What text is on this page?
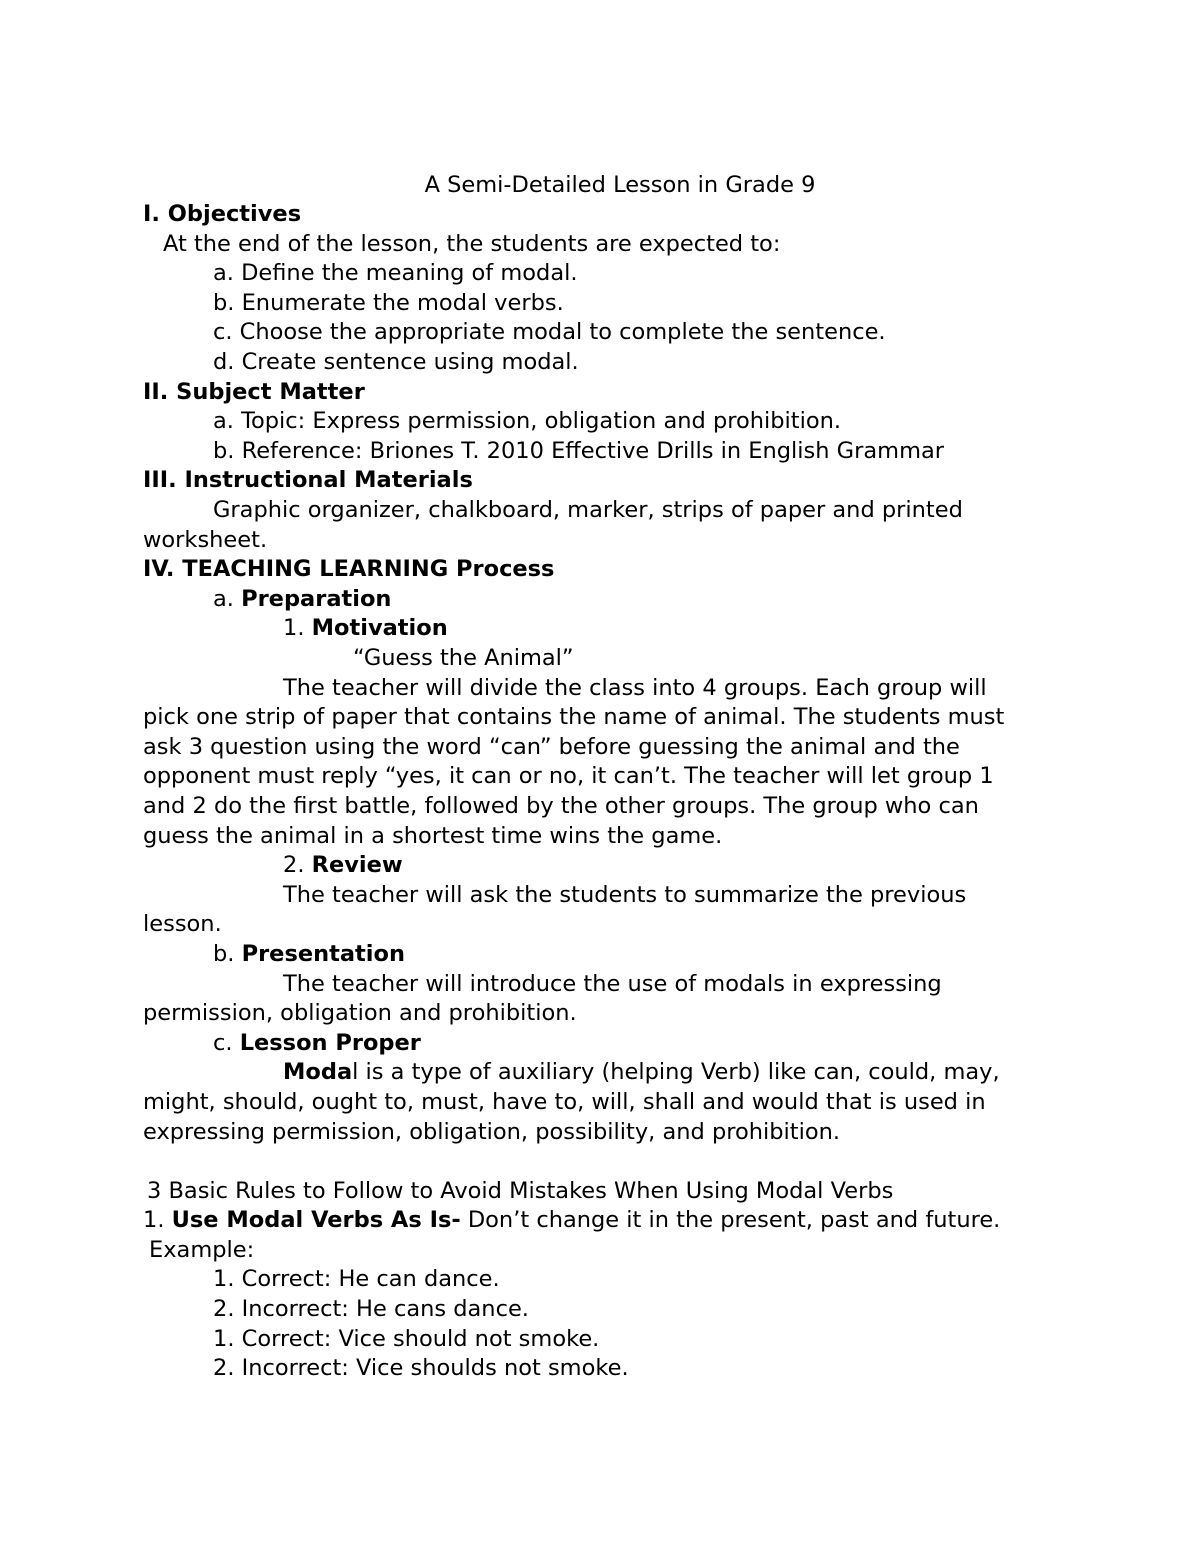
A Semi-Detailed Lesson in Grade 9

I. Objectives

At the end of the lesson, the students are expected to:

a. Define the meaning of modal.

b. Enumerate the modal verbs.

c. Choose the appropriate modal to complete the sentence.

d. Create sentence using modal.

II. Subject Matter

a. Topic: Express permission, obligation and prohibition.

b. Reference: Briones T. 2010 Effective Drills in English Grammar

III. Instructional Materials

Graphic organizer, chalkboard, marker, strips of paper and printed

worksheet.

IV. TEACHING LEARNING Process

a. Preparation

1. Motivation

“Guess the Animal”

The teacher will divide the class into 4 groups. Each group will

pick one strip of paper that contains the name of animal. The students must

ask 3 question using the word “can” before guessing the animal and the

opponent must reply “yes, it can or no, it can’t. The teacher will let group 1

and 2 do the first battle, followed by the other groups. The group who can

guess the animal in a shortest time wins the game.

2. Review

The teacher will ask the students to summarize the previous

lesson.

b. Presentation

The teacher will introduce the use of modals in expressing

permission, obligation and prohibition.

c. Lesson Proper

Modal is a type of auxiliary (helping Verb) like can, could, may,

might, should, ought to, must, have to, will, shall and would that is used in

expressing permission, obligation, possibility, and prohibition.

3 Basic Rules to Follow to Avoid Mistakes When Using Modal Verbs

1. Use Modal Verbs As Is- Don’t change it in the present, past and future.

Example:

1. Correct: He can dance.

2. Incorrect: He cans dance.

1. Correct: Vice should not smoke.

2. Incorrect: Vice shoulds not smoke.
